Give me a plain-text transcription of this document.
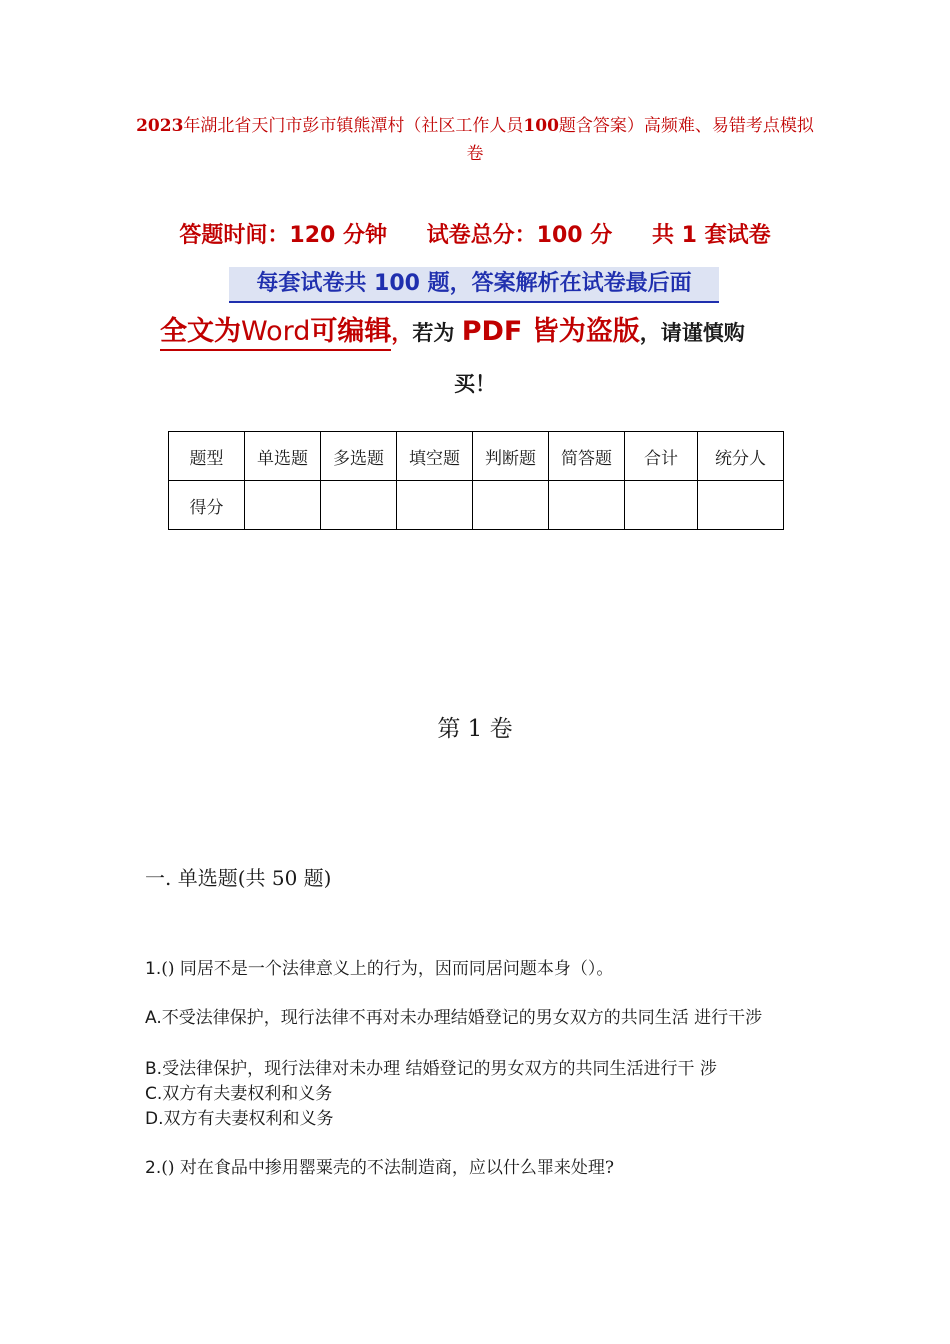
2023年湖北省天门市彭市镇熊潭村（社区工作人员100题含答案）高频难、易错考点模拟卷
答题时间：120 分钟 试卷总分：100 分 共 1 套试卷
每套试卷共 100 题，答案解析在试卷最后面
全文为Word可编辑，若为 PDF 皆为盗版，请谨慎购
买！
题型	单选题	多选题	填空题	判断题	简答题	合计	统分人
得分							
第 1 卷
一. 单选题(共 50 题)
1.() 同居不是一个法律意义上的行为，因而同居问题本身（）。
A.不受法律保护，现行法律不再对未办理结婚登记的男女双方的共同生活 进行干涉
B.受法律保护，现行法律对未办理 结婚登记的男女双方的共同生活进行干 涉
C.双方有夫妻权利和义务
D.双方有夫妻权利和义务
2.() 对在食品中掺用罂粟壳的不法制造商，应以什么罪来处理?
